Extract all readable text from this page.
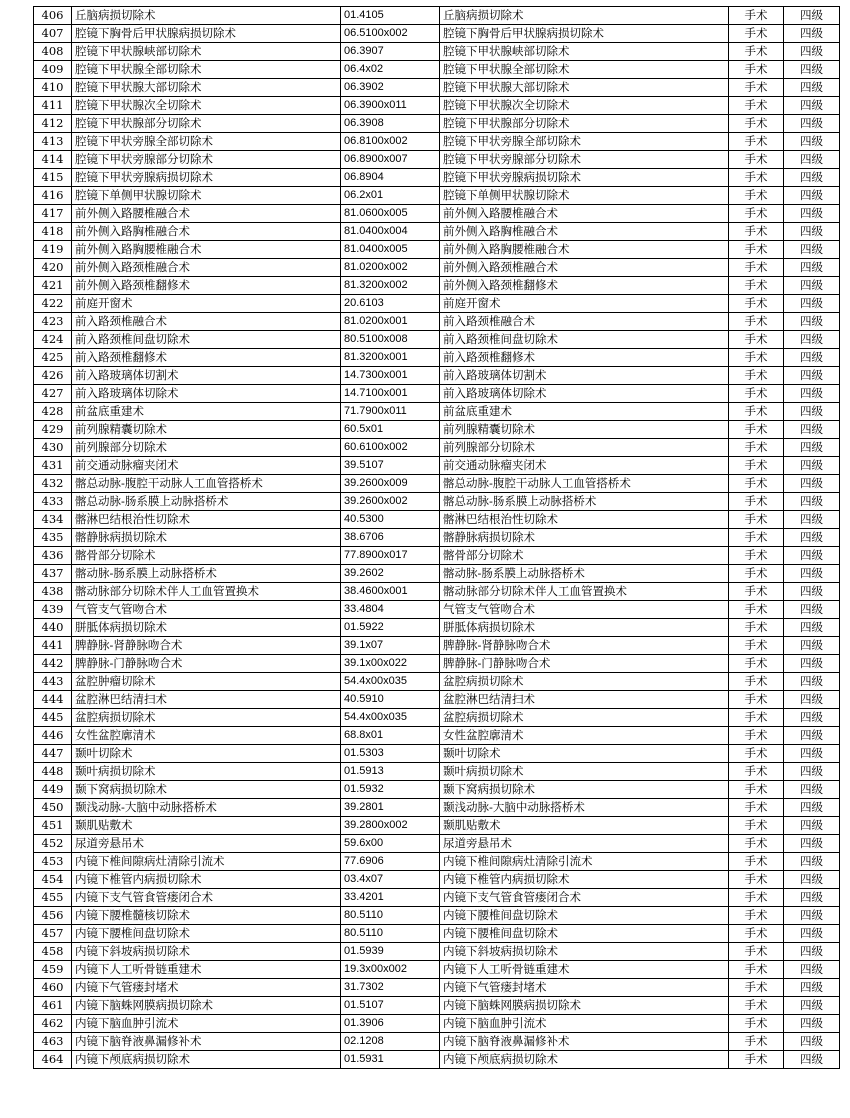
406	丘脑病损切除术	01.4105	丘脑病损切除术	手术	四级
407	腔镜下胸骨后甲状腺病损切除术	06.5100x002	腔镜下胸骨后甲状腺病损切除术	手术	四级
408	腔镜下甲状腺峡部切除术	06.3907	腔镜下甲状腺峡部切除术	手术	四级
409	腔镜下甲状腺全部切除术	06.4x02	腔镜下甲状腺全部切除术	手术	四级
410	腔镜下甲状腺大部切除术	06.3902	腔镜下甲状腺大部切除术	手术	四级
411	腔镜下甲状腺次全切除术	06.3900x011	腔镜下甲状腺次全切除术	手术	四级
412	腔镜下甲状腺部分切除术	06.3908	腔镜下甲状腺部分切除术	手术	四级
413	腔镜下甲状旁腺全部切除术	06.8100x002	腔镜下甲状旁腺全部切除术	手术	四级
414	腔镜下甲状旁腺部分切除术	06.8900x007	腔镜下甲状旁腺部分切除术	手术	四级
415	腔镜下甲状旁腺病损切除术	06.8904	腔镜下甲状旁腺病损切除术	手术	四级
416	腔镜下单侧甲状腺切除术	06.2x01	腔镜下单侧甲状腺切除术	手术	四级
417	前外侧入路腰椎融合术	81.0600x005	前外侧入路腰椎融合术	手术	四级
418	前外侧入路胸椎融合术	81.0400x004	前外侧入路胸椎融合术	手术	四级
419	前外侧入路胸腰椎融合术	81.0400x005	前外侧入路胸腰椎融合术	手术	四级
420	前外侧入路颈椎融合术	81.0200x002	前外侧入路颈椎融合术	手术	四级
421	前外侧入路颈椎翻修术	81.3200x002	前外侧入路颈椎翻修术	手术	四级
422	前庭开窗术	20.6103	前庭开窗术	手术	四级
423	前入路颈椎融合术	81.0200x001	前入路颈椎融合术	手术	四级
424	前入路颈椎间盘切除术	80.5100x008	前入路颈椎间盘切除术	手术	四级
425	前入路颈椎翻修术	81.3200x001	前入路颈椎翻修术	手术	四级
426	前入路玻璃体切割术	14.7300x001	前入路玻璃体切割术	手术	四级
427	前入路玻璃体切除术	14.7100x001	前入路玻璃体切除术	手术	四级
428	前盆底重建术	71.7900x011	前盆底重建术	手术	四级
429	前列腺精囊切除术	60.5x01	前列腺精囊切除术	手术	四级
430	前列腺部分切除术	60.6100x002	前列腺部分切除术	手术	四级
431	前交通动脉瘤夹闭术	39.5107	前交通动脉瘤夹闭术	手术	四级
432	髂总动脉-腹腔干动脉人工血管搭桥术	39.2600x009	髂总动脉-腹腔干动脉人工血管搭桥术	手术	四级
433	髂总动脉-肠系膜上动脉搭桥术	39.2600x002	髂总动脉-肠系膜上动脉搭桥术	手术	四级
434	髂淋巴结根治性切除术	40.5300	髂淋巴结根治性切除术	手术	四级
435	髂静脉病损切除术	38.6706	髂静脉病损切除术	手术	四级
436	髂骨部分切除术	77.8900x017	髂骨部分切除术	手术	四级
437	髂动脉-肠系膜上动脉搭桥术	39.2602	髂动脉-肠系膜上动脉搭桥术	手术	四级
438	髂动脉部分切除术伴人工血管置换术	38.4600x001	髂动脉部分切除术伴人工血管置换术	手术	四级
439	气管支气管吻合术	33.4804	气管支气管吻合术	手术	四级
440	胼胝体病损切除术	01.5922	胼胝体病损切除术	手术	四级
441	脾静脉-肾静脉吻合术	39.1x07	脾静脉-肾静脉吻合术	手术	四级
442	脾静脉-门静脉吻合术	39.1x00x022	脾静脉-门静脉吻合术	手术	四级
443	盆腔肿瘤切除术	54.4x00x035	盆腔病损切除术	手术	四级
444	盆腔淋巴结清扫术	40.5910	盆腔淋巴结清扫术	手术	四级
445	盆腔病损切除术	54.4x00x035	盆腔病损切除术	手术	四级
446	女性盆腔廓清术	68.8x01	女性盆腔廓清术	手术	四级
447	颞叶切除术	01.5303	颞叶切除术	手术	四级
448	颞叶病损切除术	01.5913	颞叶病损切除术	手术	四级
449	颞下窝病损切除术	01.5932	颞下窝病损切除术	手术	四级
450	颞浅动脉-大脑中动脉搭桥术	39.2801	颞浅动脉-大脑中动脉搭桥术	手术	四级
451	颞肌贴敷术	39.2800x002	颞肌贴敷术	手术	四级
452	尿道旁悬吊术	59.6x00	尿道旁悬吊术	手术	四级
453	内镜下椎间隙病灶清除引流术	77.6906	内镜下椎间隙病灶清除引流术	手术	四级
454	内镜下椎管内病损切除术	03.4x07	内镜下椎管内病损切除术	手术	四级
455	内镜下支气管食管瘘闭合术	33.4201	内镜下支气管食管瘘闭合术	手术	四级
456	内镜下腰椎髓核切除术	80.5110	内镜下腰椎间盘切除术	手术	四级
457	内镜下腰椎间盘切除术	80.5110	内镜下腰椎间盘切除术	手术	四级
458	内镜下斜坡病损切除术	01.5939	内镜下斜坡病损切除术	手术	四级
459	内镜下人工听骨链重建术	19.3x00x002	内镜下人工听骨链重建术	手术	四级
460	内镜下气管瘘封堵术	31.7302	内镜下气管瘘封堵术	手术	四级
461	内镜下脑蛛网膜病损切除术	01.5107	内镜下脑蛛网膜病损切除术	手术	四级
462	内镜下脑血肿引流术	01.3906	内镜下脑血肿引流术	手术	四级
463	内镜下脑脊液鼻漏修补术	02.1208	内镜下脑脊液鼻漏修补术	手术	四级
464	内镜下颅底病损切除术	01.5931	内镜下颅底病损切除术	手术	四级
